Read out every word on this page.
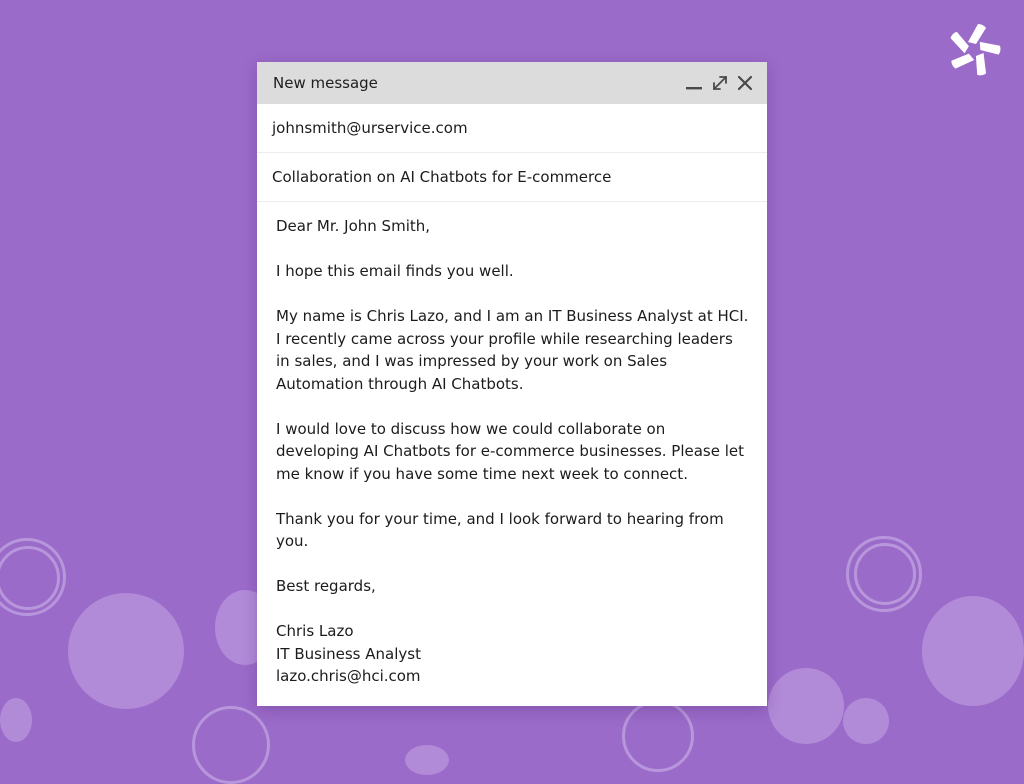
New message
johnsmith@urservice.com
Collaboration on AI Chatbots for E-commerce

Dear Mr. John Smith,

I hope this email finds you well.

My name is Chris Lazo, and I am an IT Business Analyst at HCI. I recently came across your profile while researching leaders in sales, and I was impressed by your work on Sales Automation through AI Chatbots.

I would love to discuss how we could collaborate on developing AI Chatbots for e-commerce businesses. Please let me know if you have some time next week to connect.

Thank you for your time, and I look forward to hearing from you.

Best regards,

Chris Lazo

IT Business Analyst

lazo.chris@hci.com
